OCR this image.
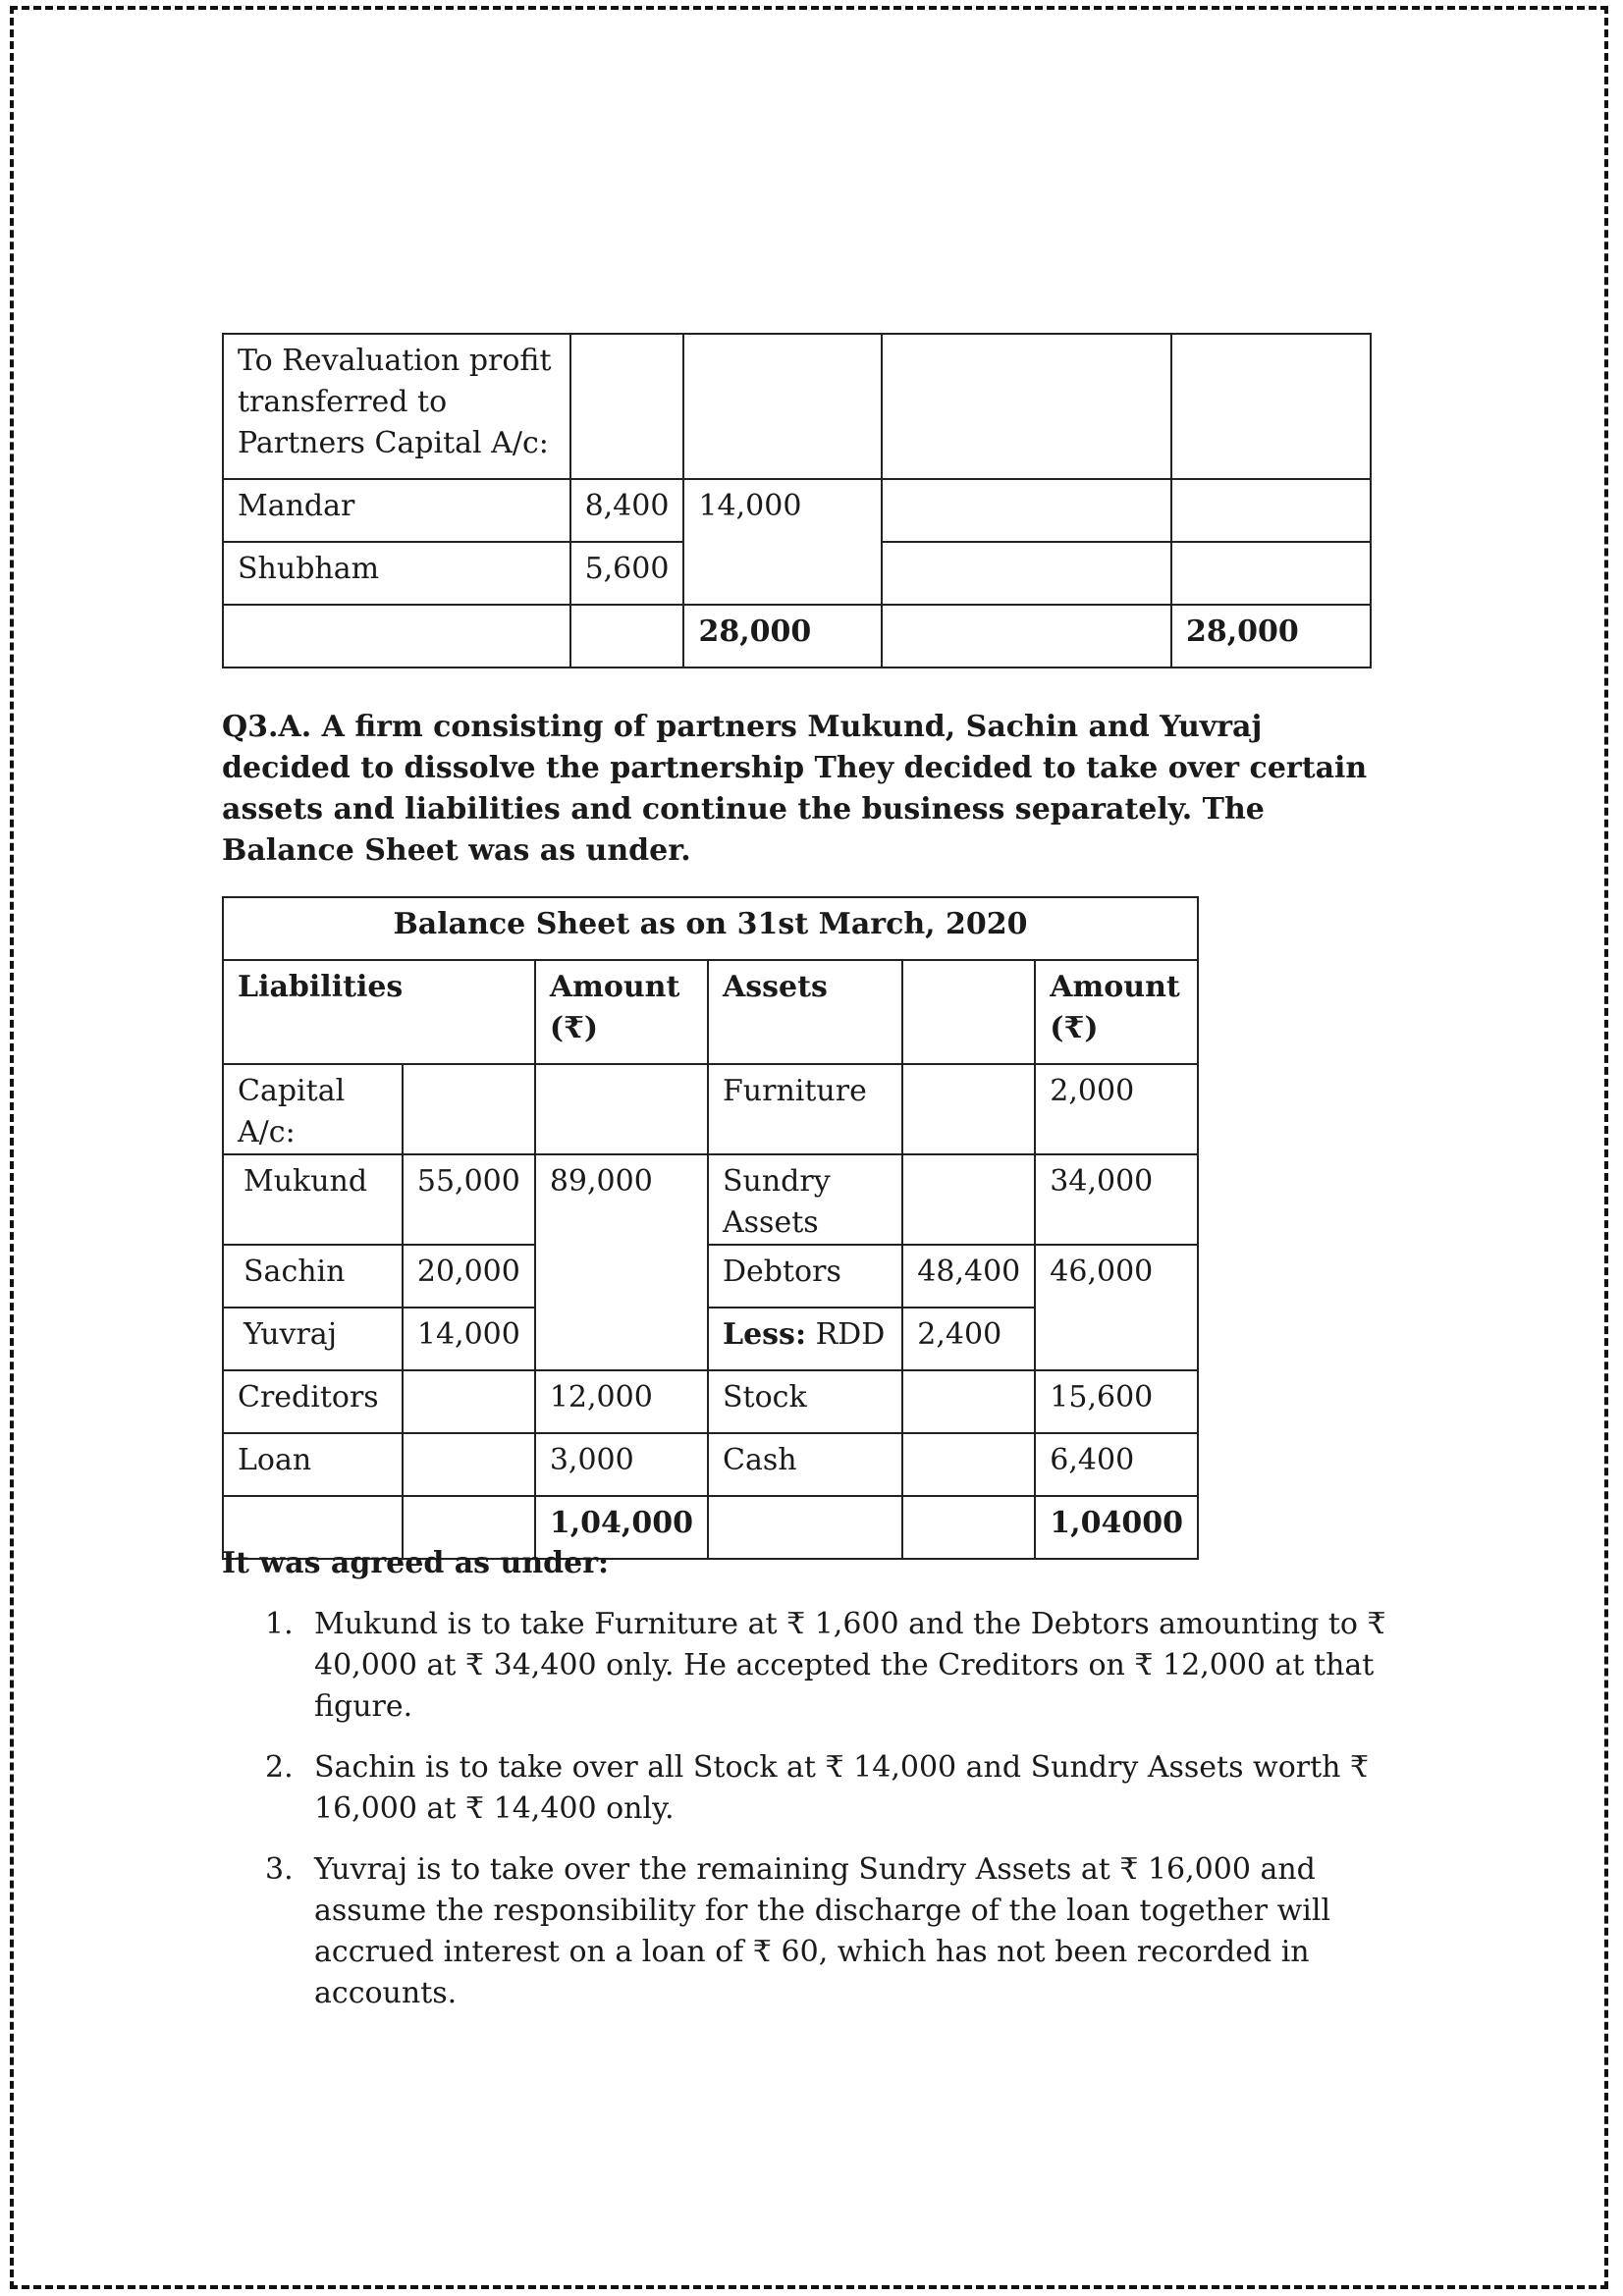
To Revaluation profit transferred to Partners Capital A/c:				
Mandar	8,400	14,000		
Shubham	5,600			
		28,000		28,000
Q3.A. A firm consisting of partners Mukund, Sachin and Yuvraj decided to dissolve the partnership They decided to take over certain assets and liabilities and continue the business separately. The Balance Sheet was as under.
Balance Sheet as on 31st March, 2020					
Liabilities		Amount (₹)	Assets		Amount (₹)
Capital A/c:			Furniture		2,000
Mukund	55,000	89,000	Sundry Assets		34,000
Sachin	20,000		Debtors	48,400	46,000
Yuvraj	14,000		Less: RDD	2,400	
Creditors		12,000	Stock		15,600
Loan		3,000	Cash		6,400
		1,04,000			1,04000
It was agreed as under:
1. Mukund is to take Furniture at ₹ 1,600 and the Debtors amounting to ₹ 40,000 at ₹ 34,400 only. He accepted the Creditors on ₹ 12,000 at that figure.
2. Sachin is to take over all Stock at ₹ 14,000 and Sundry Assets worth ₹ 16,000 at ₹ 14,400 only.
3. Yuvraj is to take over the remaining Sundry Assets at ₹ 16,000 and assume the responsibility for the discharge of the loan together will accrued interest on a loan of ₹ 60, which has not been recorded in accounts.
